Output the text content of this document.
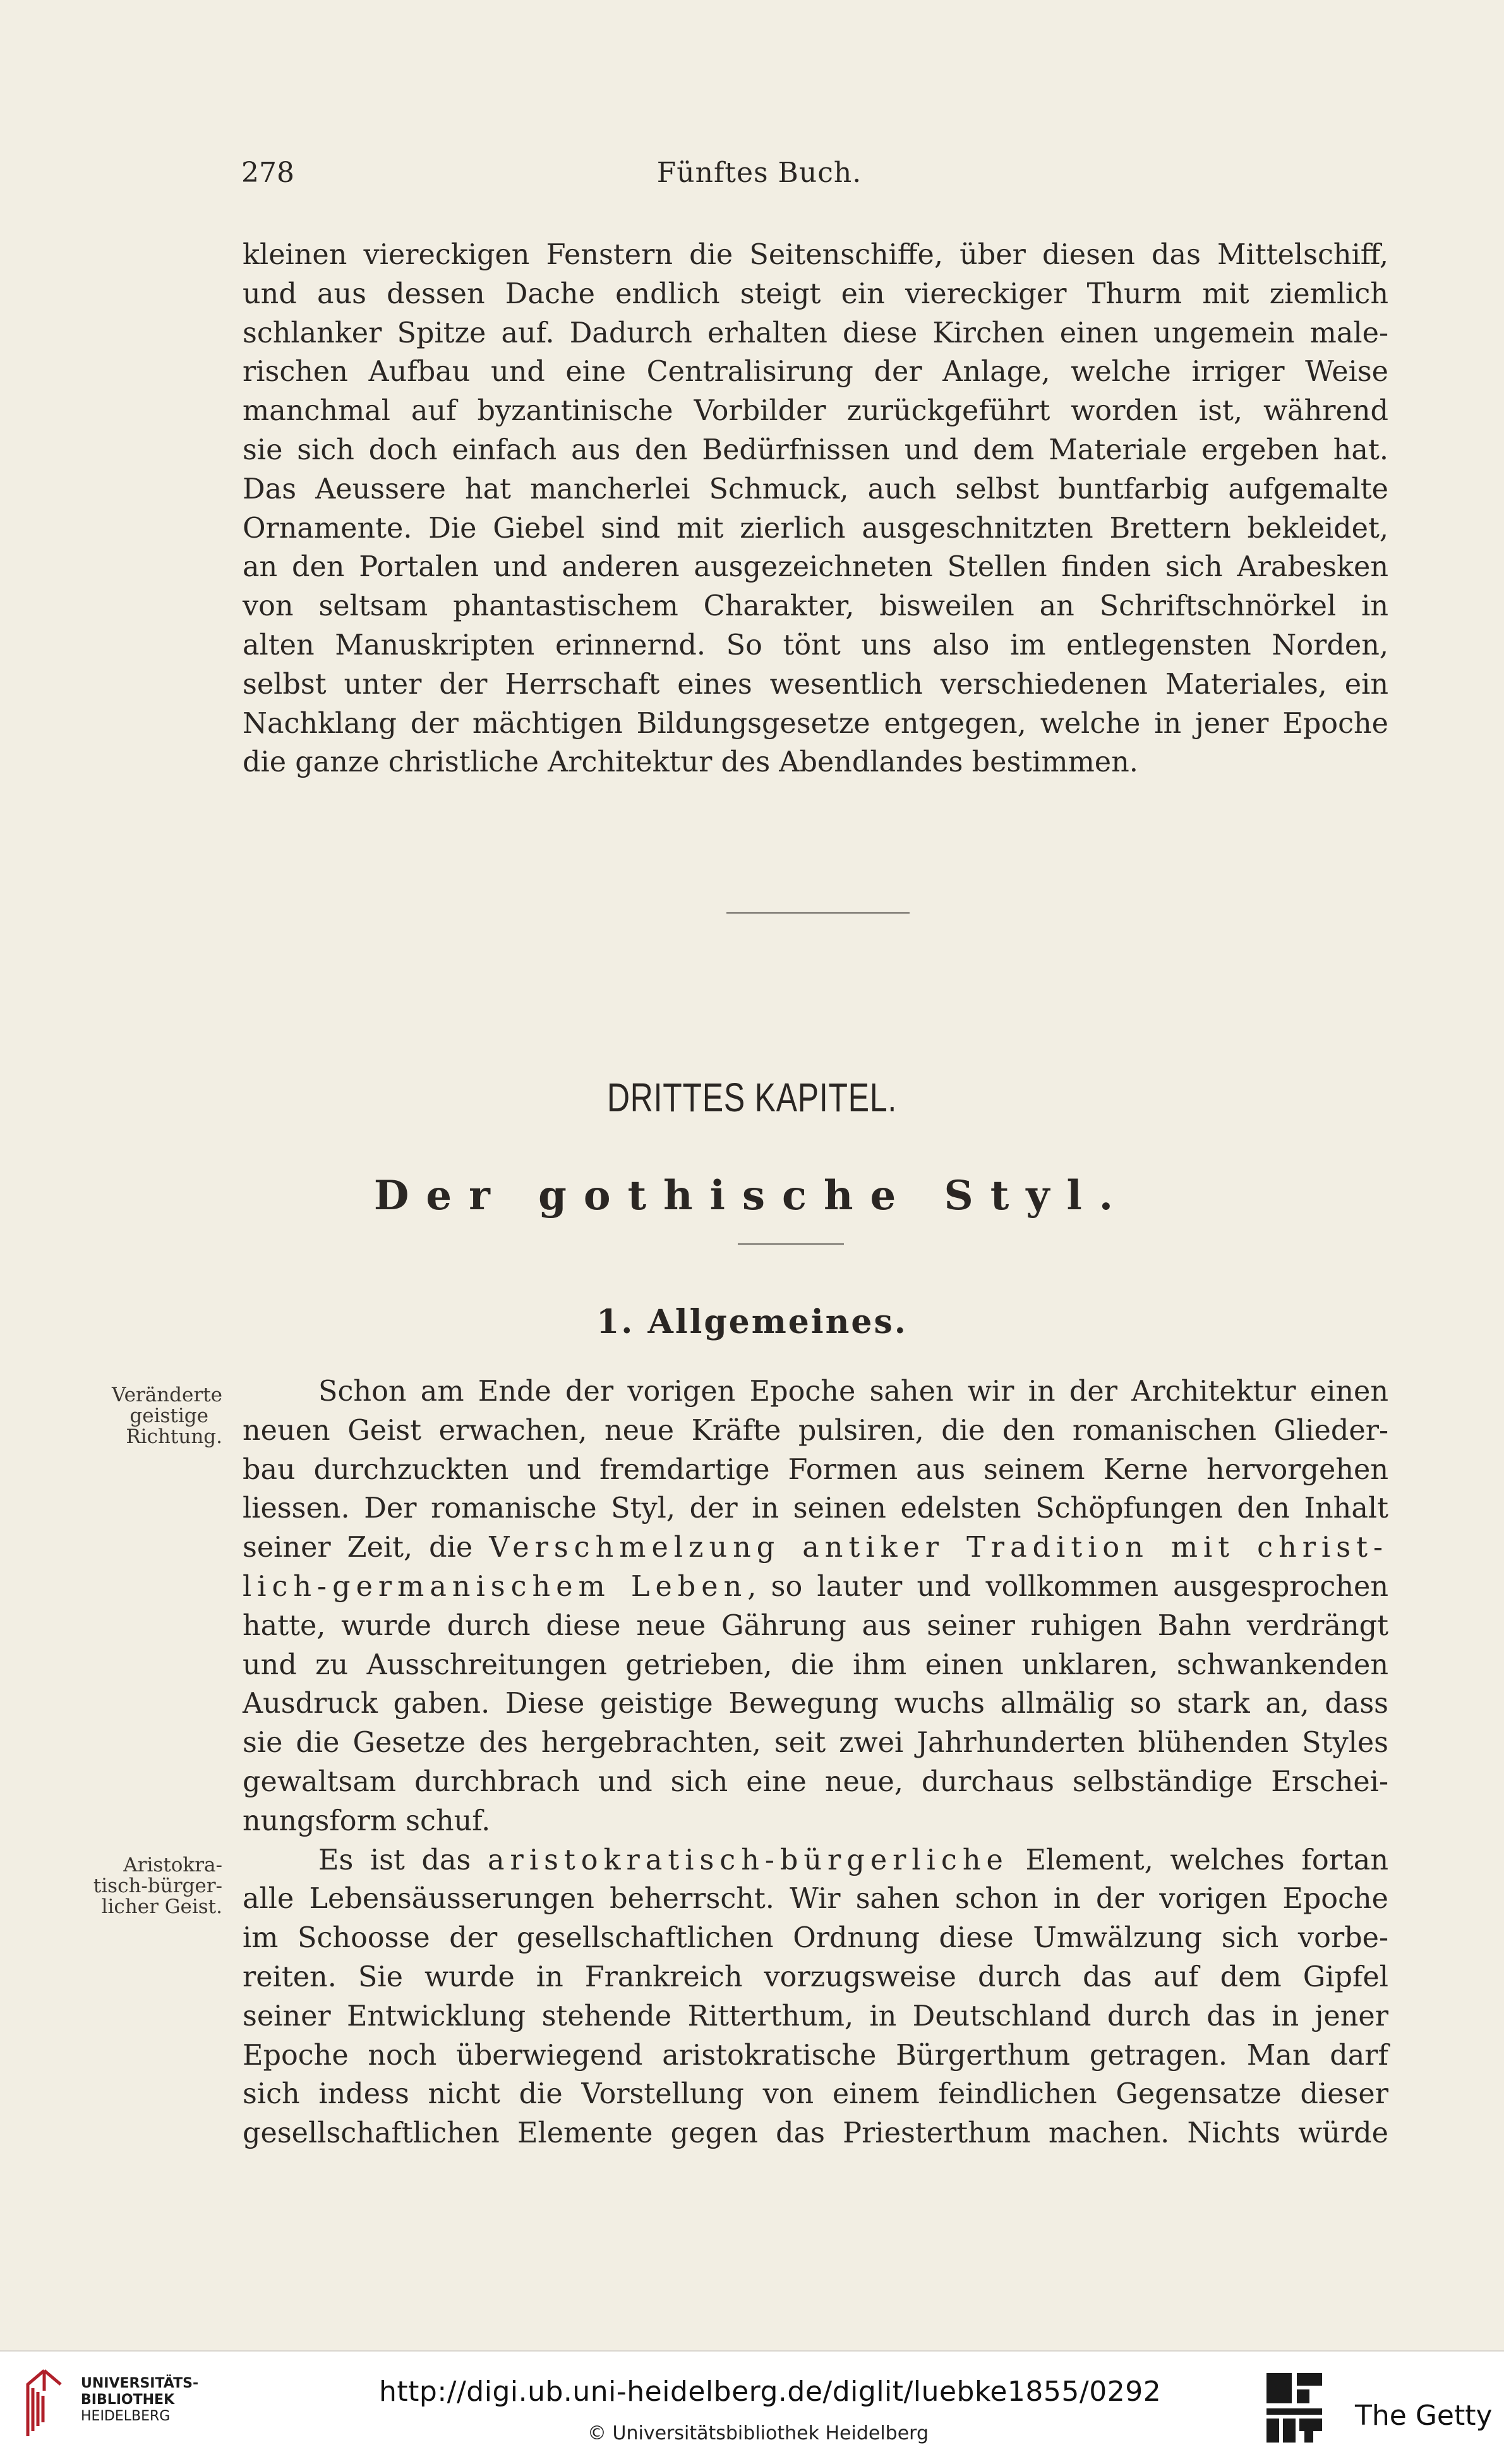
278	Fünftes Buch.
kleinen viereckigen Fenstern die Seitenschiffe, über diesen das Mittelschiff,
und aus dessen Dache endlich steigt ein viereckiger Thurm mit ziemlich
schlanker Spitze auf. Dadurch erhalten diese Kirchen einen ungemein male-
rischen Aufbau und eine Centralisirung der Anlage, welche irriger Weise
manchmal auf byzantinische Vorbilder zurückgeführt worden ist, während
sie sich doch einfach aus den Bedürfnissen und dem Materiale ergeben hat.
Das Aeussere hat mancherlei Schmuck, auch selbst buntfarbig aufgemalte
Ornamente. Die Giebel sind mit zierlich ausgeschnitzten Brettern bekleidet,
an den Portalen und anderen ausgezeichneten Stellen finden sich Arabesken
von seltsam phantastischem Charakter, bisweilen an Schriftschnörkel in
alten Manuskripten erinnernd. So tönt uns also im entlegensten Norden,
selbst unter der Herrschaft eines wesentlich verschiedenen Materiales, ein
Nachklang der mächtigen Bildungsgesetze entgegen, welche in jener Epoche
die ganze christliche Architektur des Abendlandes bestimmen.
DRITTES KAPITEL.
Der gothische Styl.
1. Allgemeines.
Veränderte
geistige
Richtung.
Aristokra-
tisch-bürger-
licher Geist.
Schon am Ende der vorigen Epoche sahen wir in der Architektur einen
neuen Geist erwachen, neue Kräfte pulsiren, die den romanischen Glieder-
bau durchzuckten und fremdartige Formen aus seinem Kerne hervorgehen
liessen. Der romanische Styl, der in seinen edelsten Schöpfungen den Inhalt
seiner Zeit, die Verschmelzung antiker Tradition mit christ-
lich-germanischem Leben, so lauter und vollkommen ausgesprochen
hatte, wurde durch diese neue Gährung aus seiner ruhigen Bahn verdrängt
und zu Ausschreitungen getrieben, die ihm einen unklaren, schwankenden
Ausdruck gaben. Diese geistige Bewegung wuchs allmälig so stark an, dass
sie die Gesetze des hergebrachten, seit zwei Jahrhunderten blühenden Styles
gewaltsam durchbrach und sich eine neue, durchaus selbständige Erschei-
nungsform schuf.
Es ist das aristokratisch-bürgerliche Element, welches fortan
alle Lebensäusserungen beherrscht. Wir sahen schon in der vorigen Epoche
im Schoosse der gesellschaftlichen Ordnung diese Umwälzung sich vorbe-
reiten. Sie wurde in Frankreich vorzugsweise durch das auf dem Gipfel
seiner Entwicklung stehende Ritterthum, in Deutschland durch das in jener
Epoche noch überwiegend aristokratische Bürgerthum getragen. Man darf
sich indess nicht die Vorstellung von einem feindlichen Gegensatze dieser
gesellschaftlichen Elemente gegen das Priesterthum machen. Nichts würde
UNIVERSITÄTS-
BIBLIOTHEK
HEIDELBERG
http://digi.ub.uni-heidelberg.de/diglit/luebke1855/0292
© Universitätsbibliothek Heidelberg
The Getty
